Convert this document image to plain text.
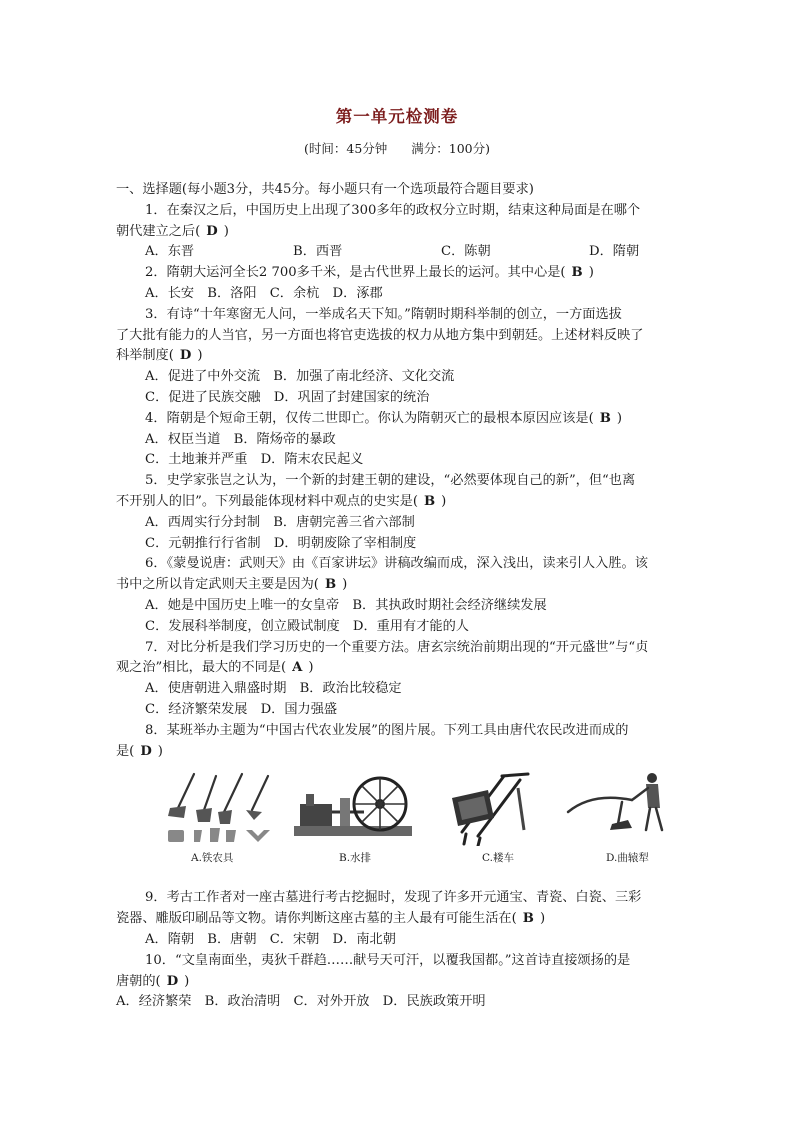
第一单元检测卷
(时间：45分钟 满分：100分)
一、选择题(每小题3分，共45分。每小题只有一个选项最符合题目要求)
1．在秦汉之后，中国历史上出现了300多年的政权分立时期，结束这种局面是在哪个
朝代建立之后( D )
A．东晋	B．西晋	C．陈朝	D．隋朝
2．隋朝大运河全长2 700多千米，是古代世界上最长的运河。其中心是( B )
A．长安　B．洛阳　C．余杭　D．涿郡
3．有诗“十年寒窗无人问，一举成名天下知。”隋朝时期科举制的创立，一方面选拔
了大批有能力的人当官，另一方面也将官吏选拔的权力从地方集中到朝廷。上述材料反映了
科举制度( D )
A．促进了中外交流　B．加强了南北经济、文化交流
C．促进了民族交融　D．巩固了封建国家的统治
4．隋朝是个短命王朝，仅传二世即亡。你认为隋朝灭亡的最根本原因应该是( B )
A．权臣当道　B．隋炀帝的暴政
C．土地兼并严重　D．隋末农民起义
5．史学家张岂之认为，一个新的封建王朝的建设，“必然要体现自己的新”，但“也离
不开别人的旧”。下列最能体现材料中观点的史实是( B )
A．西周实行分封制　B．唐朝完善三省六部制
C．元朝推行行省制　D．明朝废除了宰相制度
6．《蒙曼说唐：武则天》由《百家讲坛》讲稿改编而成，深入浅出，读来引人入胜。该
书中之所以肯定武则天主要是因为( B )
A．她是中国历史上唯一的女皇帝　B．其执政时期社会经济继续发展
C．发展科举制度，创立殿试制度　D．重用有才能的人
7．对比分析是我们学习历史的一个重要方法。唐玄宗统治前期出现的“开元盛世”与“贞
观之治”相比，最大的不同是( A )
A．使唐朝进入鼎盛时期　B．政治比较稳定
C．经济繁荣发展　D．国力强盛
8．某班举办主题为“中国古代农业发展”的图片展。下列工具由唐代农民改进而成的
是( D )
A.铁农具	B.水排	C.耧车	D.曲辕犁
9．考古工作者对一座古墓进行考古挖掘时，发现了许多开元通宝、青瓷、白瓷、三彩
瓷器、雕版印刷品等文物。请你判断这座古墓的主人最有可能生活在( B )
A．隋朝　B．唐朝　C．宋朝　D．南北朝
10．“文皇南面坐，夷狄千群趋……献号天可汗，以覆我国都。”这首诗直接颂扬的是
唐朝的( D )
A．经济繁荣　B．政治清明　C．对外开放　D．民族政策开明
